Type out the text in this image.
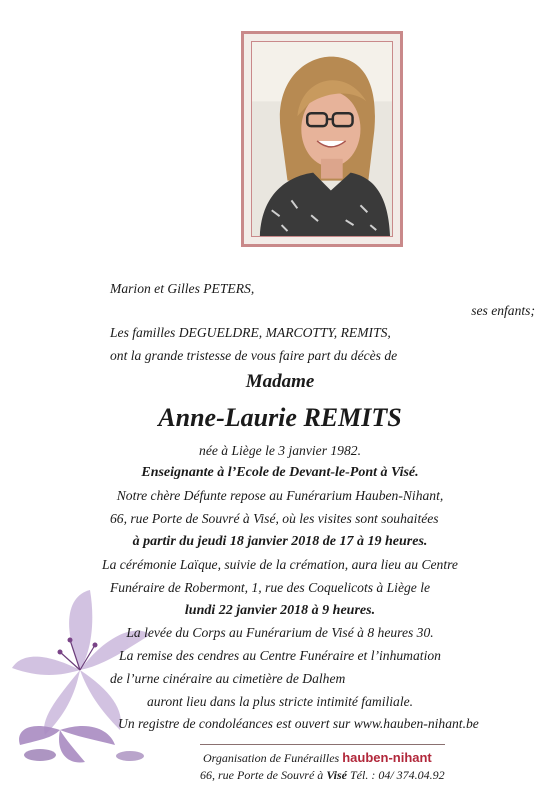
Marion et Gilles PETERS,
ses enfants;
Les familles DEGUELDRE, MARCOTTY, REMITS,
ont la grande tristesse de vous faire part du décès de
Madame
Anne-Laurie REMITS
née à Liège le 3 janvier 1982.
Enseignante à l’Ecole de Devant-le-Pont à Visé.
Notre chère Défunte repose au Funérarium Hauben-Nihant,
66, rue Porte de Souvré à Visé, où les visites sont souhaitées
à partir du jeudi 18 janvier 2018 de 17 à 19 heures.
La cérémonie Laïque, suivie de la crémation, aura lieu au Centre
Funéraire de Robermont, 1, rue des Coquelicots à Liège le
lundi 22 janvier 2018 à 9 heures.
La levée du Corps au Funérarium de Visé à 8 heures 30.
La remise des cendres au Centre Funéraire et l’inhumation
de l’urne cinéraire au cimetière de Dalhem
auront lieu dans la plus stricte intimité familiale.
Un registre de condoléances est ouvert sur www.hauben-nihant.be
Organisation de Funérailles hauben-nihant
66, rue Porte de Souvré à Visé Tél. : 04/ 374.04.92
